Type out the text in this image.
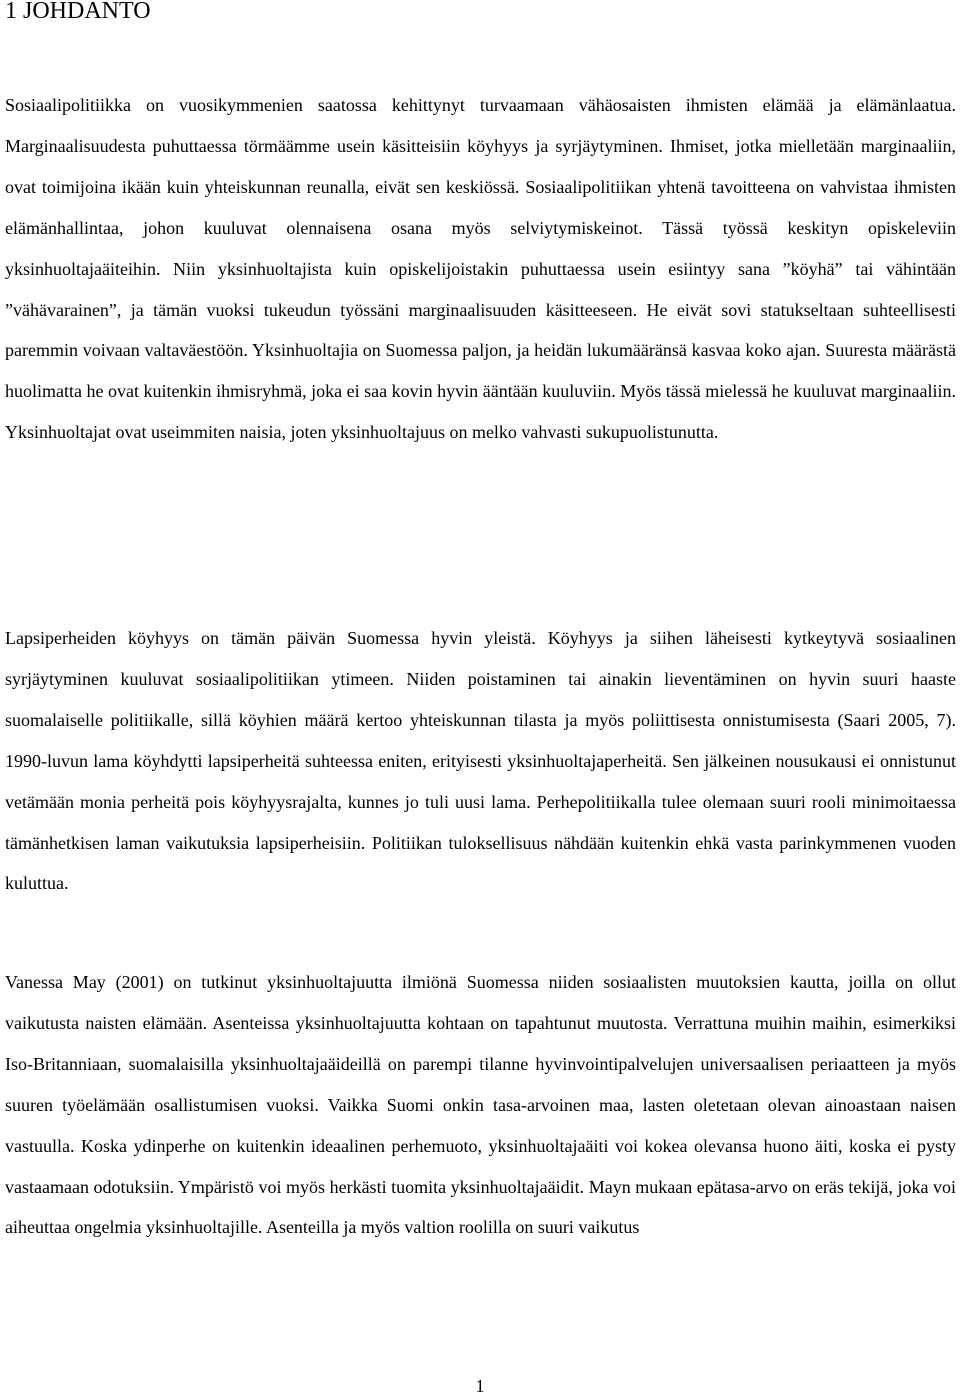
1 JOHDANTO

Sosiaalipolitiikka on vuosikymmenien saatossa kehittynyt turvaamaan vähäosaisten ihmisten elämää ja elämänlaatua. Marginaalisuudesta puhuttaessa törmäämme usein käsitteisiin köyhyys ja syrjäytyminen. Ihmiset, jotka mielletään marginaaliin, ovat toimijoina ikään kuin yhteiskunnan reunalla, eivät sen keskiössä. Sosiaalipolitiikan yhtenä tavoitteena on vahvistaa ihmisten elämänhallintaa, johon kuuluvat olennaisena osana myös selviytymiskeinot. Tässä työssä keskityn opiskeleviin yksinhuoltajaäiteihin. Niin yksinhuoltajista kuin opiskelijoistakin puhuttaessa usein esiintyy sana ”köyhä” tai vähintään ”vähävarainen”, ja tämän vuoksi tukeudun työssäni marginaalisuuden käsitteeseen. He eivät sovi statukseltaan suhteellisesti paremmin voivaan valtaväestöön. Yksinhuoltajia on Suomessa paljon, ja heidän lukumääränsä kasvaa koko ajan. Suuresta määrästä huolimatta he ovat kuitenkin ihmisryhmä, joka ei saa kovin hyvin ääntään kuuluviin. Myös tässä mielessä he kuuluvat marginaaliin. Yksinhuoltajat ovat useimmiten naisia, joten yksinhuoltajuus on melko vahvasti sukupuolistunutta.

Lapsiperheiden köyhyys on tämän päivän Suomessa hyvin yleistä. Köyhyys ja siihen läheisesti kytkeytyvä sosiaalinen syrjäytyminen kuuluvat sosiaalipolitiikan ytimeen. Niiden poistaminen tai ainakin lieventäminen on hyvin suuri haaste suomalaiselle politiikalle, sillä köyhien määrä kertoo yhteiskunnan tilasta ja myös poliittisesta onnistumisesta (Saari 2005, 7). 1990-luvun lama köyhdytti lapsiperheitä suhteessa eniten, erityisesti yksinhuoltajaperheitä. Sen jälkeinen nousukausi ei onnistunut vetämään monia perheitä pois köyhyysrajalta, kunnes jo tuli uusi lama. Perhepolitiikalla tulee olemaan suuri rooli minimoitaessa tämänhetkisen laman vaikutuksia lapsiperheisiin. Politiikan tuloksellisuus nähdään kuitenkin ehkä vasta parinkymmenen vuoden kuluttua.

Vanessa May (2001) on tutkinut yksinhuoltajuutta ilmiönä Suomessa niiden sosiaalisten muutoksien kautta, joilla on ollut vaikutusta naisten elämään. Asenteissa yksinhuoltajuutta kohtaan on tapahtunut muutosta. Verrattuna muihin maihin, esimerkiksi Iso-Britanniaan, suomalaisilla yksinhuoltajaäideillä on parempi tilanne hyvinvointipalvelujen universaalisen periaatteen ja myös suuren työelämään osallistumisen vuoksi. Vaikka Suomi onkin tasa-arvoinen maa, lasten oletetaan olevan ainoastaan naisen vastuulla. Koska ydinperhe on kuitenkin ideaalinen perhemuoto, yksinhuoltajaäiti voi kokea olevansa huono äiti, koska ei pysty vastaamaan odotuksiin. Ympäristö voi myös herkästi tuomita yksinhuoltajaäidit. Mayn mukaan epätasa-arvo on eräs tekijä, joka voi aiheuttaa ongelmia yksinhuoltajille. Asenteilla ja myös valtion roolilla on suuri vaikutus

1
